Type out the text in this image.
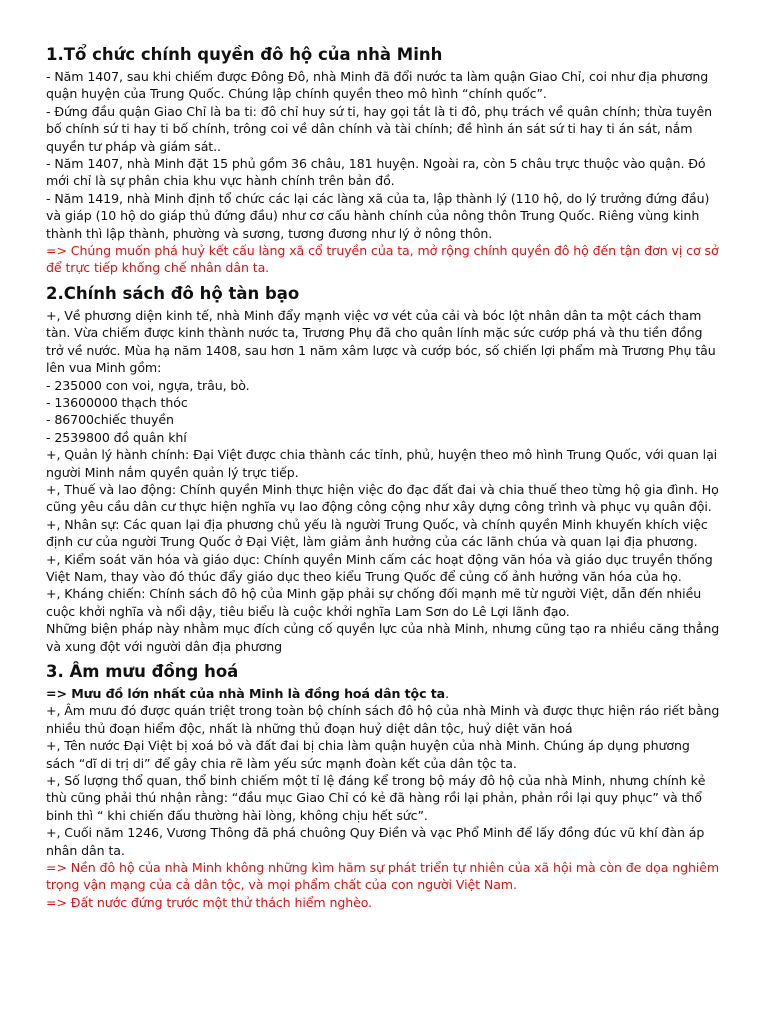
1.Tổ chức chính quyền đô hộ của nhà Minh

- Năm 1407, sau khi chiếm được Đông Đô, nhà Minh đã đổi nước ta làm quận Giao Chỉ, coi như địa phương quận huyện của Trung Quốc. Chúng lập chính quyền theo mô hình “chính quốc”.

- Đứng đầu quận Giao Chỉ là ba ti: đô chỉ huy sứ ti, hay gọi tắt là ti đô, phụ trách về quân chính; thừa tuyên bố chính sứ ti hay ti bố chính, trông coi về dân chính và tài chính; đề hình án sát sứ ti hay ti án sát, nắm quyền tư pháp và giám sát..

- Năm 1407, nhà Minh đặt 15 phủ gồm 36 châu, 181 huyện. Ngoài ra, còn 5 châu trực thuộc vào quận. Đó mới chỉ là sự phân chia khu vực hành chính trên bản đồ.

- Năm 1419, nhà Minh định tổ chức các lại các làng xã của ta, lập thành lý (110 hộ, do lý trưởng đứng đầu) và giáp (10 hộ do giáp thủ đứng đầu) như cơ cấu hành chính của nông thôn Trung Quốc. Riêng vùng kinh thành thì lập thành, phường và sương, tương đương như lý ở nông thôn.

=> Chúng muốn phá huỷ kết cấu làng xã cổ truyền của ta, mở rộng chính quyền đô hộ đến tận đơn vị cơ sở để trực tiếp khống chế nhân dân ta.

2.Chính sách đô hộ tàn bạo

+, Về phương diện kinh tế, nhà Minh đẩy mạnh việc vơ vét của cải và bóc lột nhân dân ta một cách tham tàn. Vừa chiếm được kinh thành nước ta, Trương Phụ đã cho quân lính mặc sức cướp phá và thu tiền đồng trở về nước. Mùa hạ năm 1408, sau hơn 1 năm xâm lược và cướp bóc, số chiến lợi phẩm mà Trương Phụ tâu lên vua Minh gồm:

- 235000 con voi, ngựa, trâu, bò.

- 13600000 thạch thóc

- 86700chiếc thuyền

- 2539800 đồ quân khí

+, Quản lý hành chính: Đại Việt được chia thành các tỉnh, phủ, huyện theo mô hình Trung Quốc, với quan lại người Minh nắm quyền quản lý trực tiếp.

+, Thuế và lao động: Chính quyền Minh thực hiện việc đo đạc đất đai và chia thuế theo từng hộ gia đình. Họ cũng yêu cầu dân cư thực hiện nghĩa vụ lao động công cộng như xây dựng công trình và phục vụ quân đội.

+, Nhân sự: Các quan lại địa phương chủ yếu là người Trung Quốc, và chính quyền Minh khuyến khích việc định cư của người Trung Quốc ở Đại Việt, làm giảm ảnh hưởng của các lãnh chúa và quan lại địa phương.

+, Kiểm soát văn hóa và giáo dục: Chính quyền Minh cấm các hoạt động văn hóa và giáo dục truyền thống Việt Nam, thay vào đó thúc đẩy giáo dục theo kiểu Trung Quốc để củng cố ảnh hưởng văn hóa của họ.

+, Kháng chiến: Chính sách đô hộ của Minh gặp phải sự chống đối mạnh mẽ từ người Việt, dẫn đến nhiều cuộc khởi nghĩa và nổi dậy, tiêu biểu là cuộc khởi nghĩa Lam Sơn do Lê Lợi lãnh đạo.

Những biện pháp này nhằm mục đích củng cố quyền lực của nhà Minh, nhưng cũng tạo ra nhiều căng thẳng và xung đột với người dân địa phương

3. Âm mưu đồng hoá

=> Mưu đồ lớn nhất của nhà Minh là đồng hoá dân tộc ta.

+, Âm mưu đó được quán triệt trong toàn bộ chính sách đô hộ của nhà Minh và được thực hiện ráo riết bằng nhiều thủ đoạn hiểm độc, nhất là những thủ đoạn huỷ diệt dân tộc, huỷ diệt văn hoá

+, Tên nước Đại Việt bị xoá bỏ và đất đai bị chia làm quận huyện của nhà Minh. Chúng áp dụng phương sách “dĩ di trị di” để gây chia rẽ làm yếu sức mạnh đoàn kết của dân tộc ta.

+, Số lượng thổ quan, thổ binh chiếm một tỉ lệ đáng kể trong bộ máy đô hộ của nhà Minh, nhưng chính kẻ thù cũng phải thú nhận rằng: “đầu mục Giao Chỉ có kẻ đã hàng rồi lại phản, phản rồi lại quy phục” và thổ binh thì “ khi chiến đấu thường hài lòng, không chịu hết sức”.

+, Cuối năm 1246, Vương Thông đã phá chuông Quy Điền và vạc Phổ Minh để lấy đồng đúc vũ khí đàn áp nhân dân ta.

=> Nền đô hộ của nhà Minh không những kìm hãm sự phát triển tự nhiên của xã hội mà còn đe dọa nghiêm trọng vận mạng của cả dân tộc, và mọi phẩm chất của con người Việt Nam.

=> Đất nước đứng trước một thử thách hiểm nghèo.
